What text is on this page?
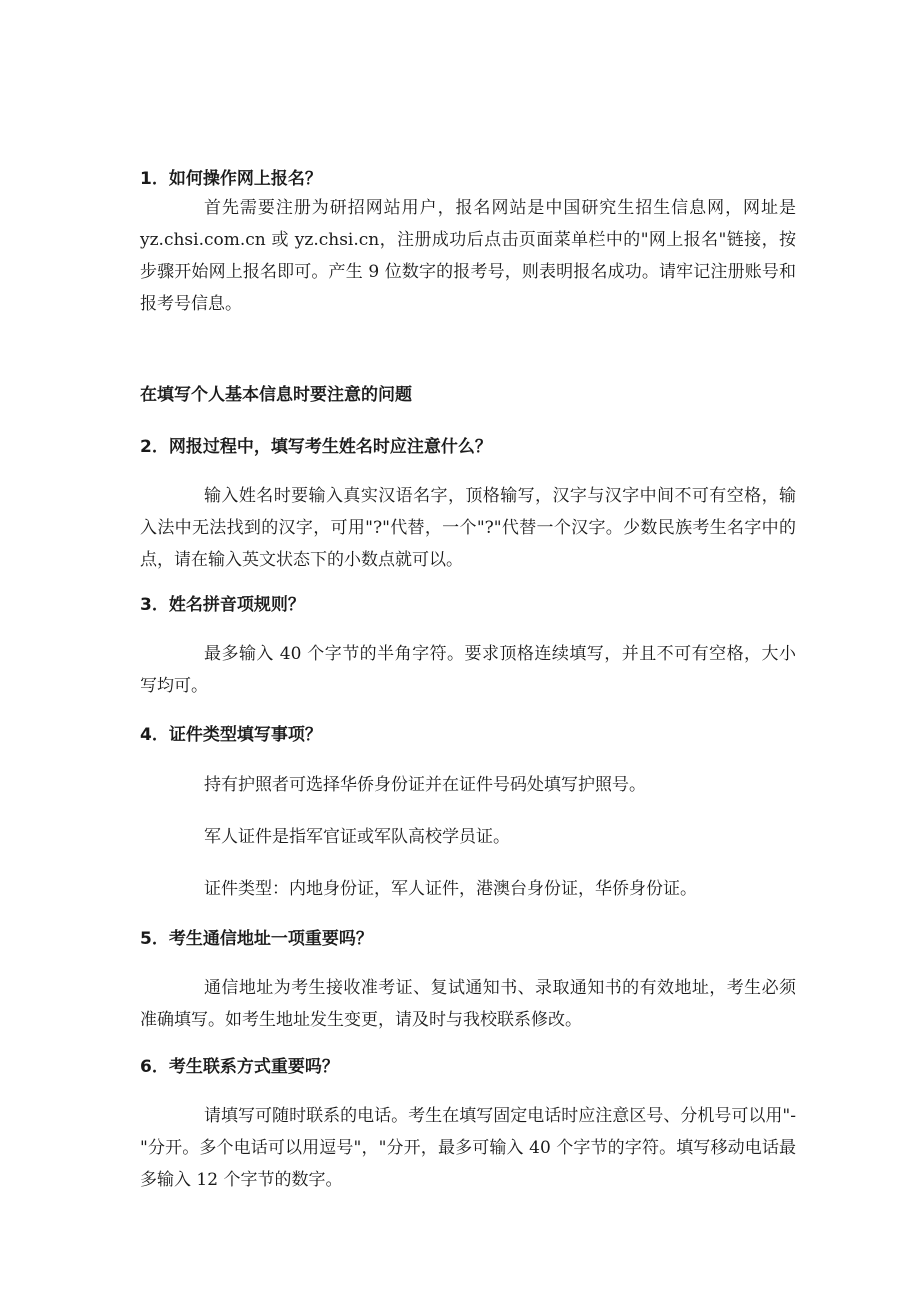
1．如何操作网上报名？

首先需要注册为研招网站用户，报名网站是中国研究生招生信息网，网址是 yz.chsi.com.cn 或 yz.chsi.cn，注册成功后点击页面菜单栏中的"网上报名"链接，按步骤开始网上报名即可。产生 9 位数字的报考号，则表明报名成功。请牢记注册账号和报考号信息。

在填写个人基本信息时要注意的问题
2．网报过程中，填写考生姓名时应注意什么？

输入姓名时要输入真实汉语名字，顶格输写，汉字与汉字中间不可有空格，输入法中无法找到的汉字，可用"?"代替，一个"?"代替一个汉字。少数民族考生名字中的点，请在输入英文状态下的小数点就可以。

3．姓名拼音项规则？

最多输入 40 个字节的半角字符。要求顶格连续填写，并且不可有空格，大小写均可。

4．证件类型填写事项？

持有护照者可选择华侨身份证并在证件号码处填写护照号。

军人证件是指军官证或军队高校学员证。

证件类型：内地身份证，军人证件，港澳台身份证，华侨身份证。

5．考生通信地址一项重要吗？

通信地址为考生接收准考证、复试通知书、录取通知书的有效地址，考生必须准确填写。如考生地址发生变更，请及时与我校联系修改。

6．考生联系方式重要吗？

请填写可随时联系的电话。考生在填写固定电话时应注意区号、分机号可以用"-"分开。多个电话可以用逗号"，"分开，最多可输入 40 个字节的字符。填写移动电话最多输入 12 个字节的数字。
